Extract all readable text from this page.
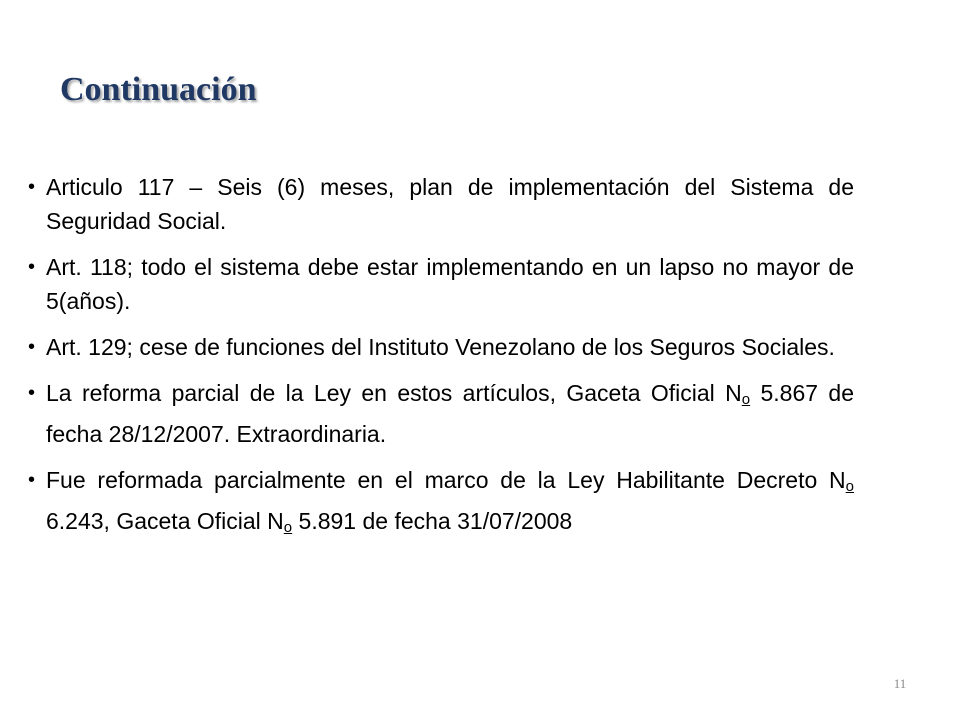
Continuación
• Articulo 117 – Seis (6) meses, plan de implementación del Sistema de Seguridad Social.
• Art. 118; todo el sistema debe estar implementando en un lapso no mayor de 5(años).
• Art. 129; cese de funciones del Instituto Venezolano de los Seguros Sociales.
• La reforma parcial de la Ley en estos artículos, Gaceta Oficial No 5.867 de fecha 28/12/2007. Extraordinaria.
• Fue reformada parcialmente en el marco de la Ley Habilitante Decreto No 6.243, Gaceta Oficial No 5.891 de fecha 31/07/2008
11
